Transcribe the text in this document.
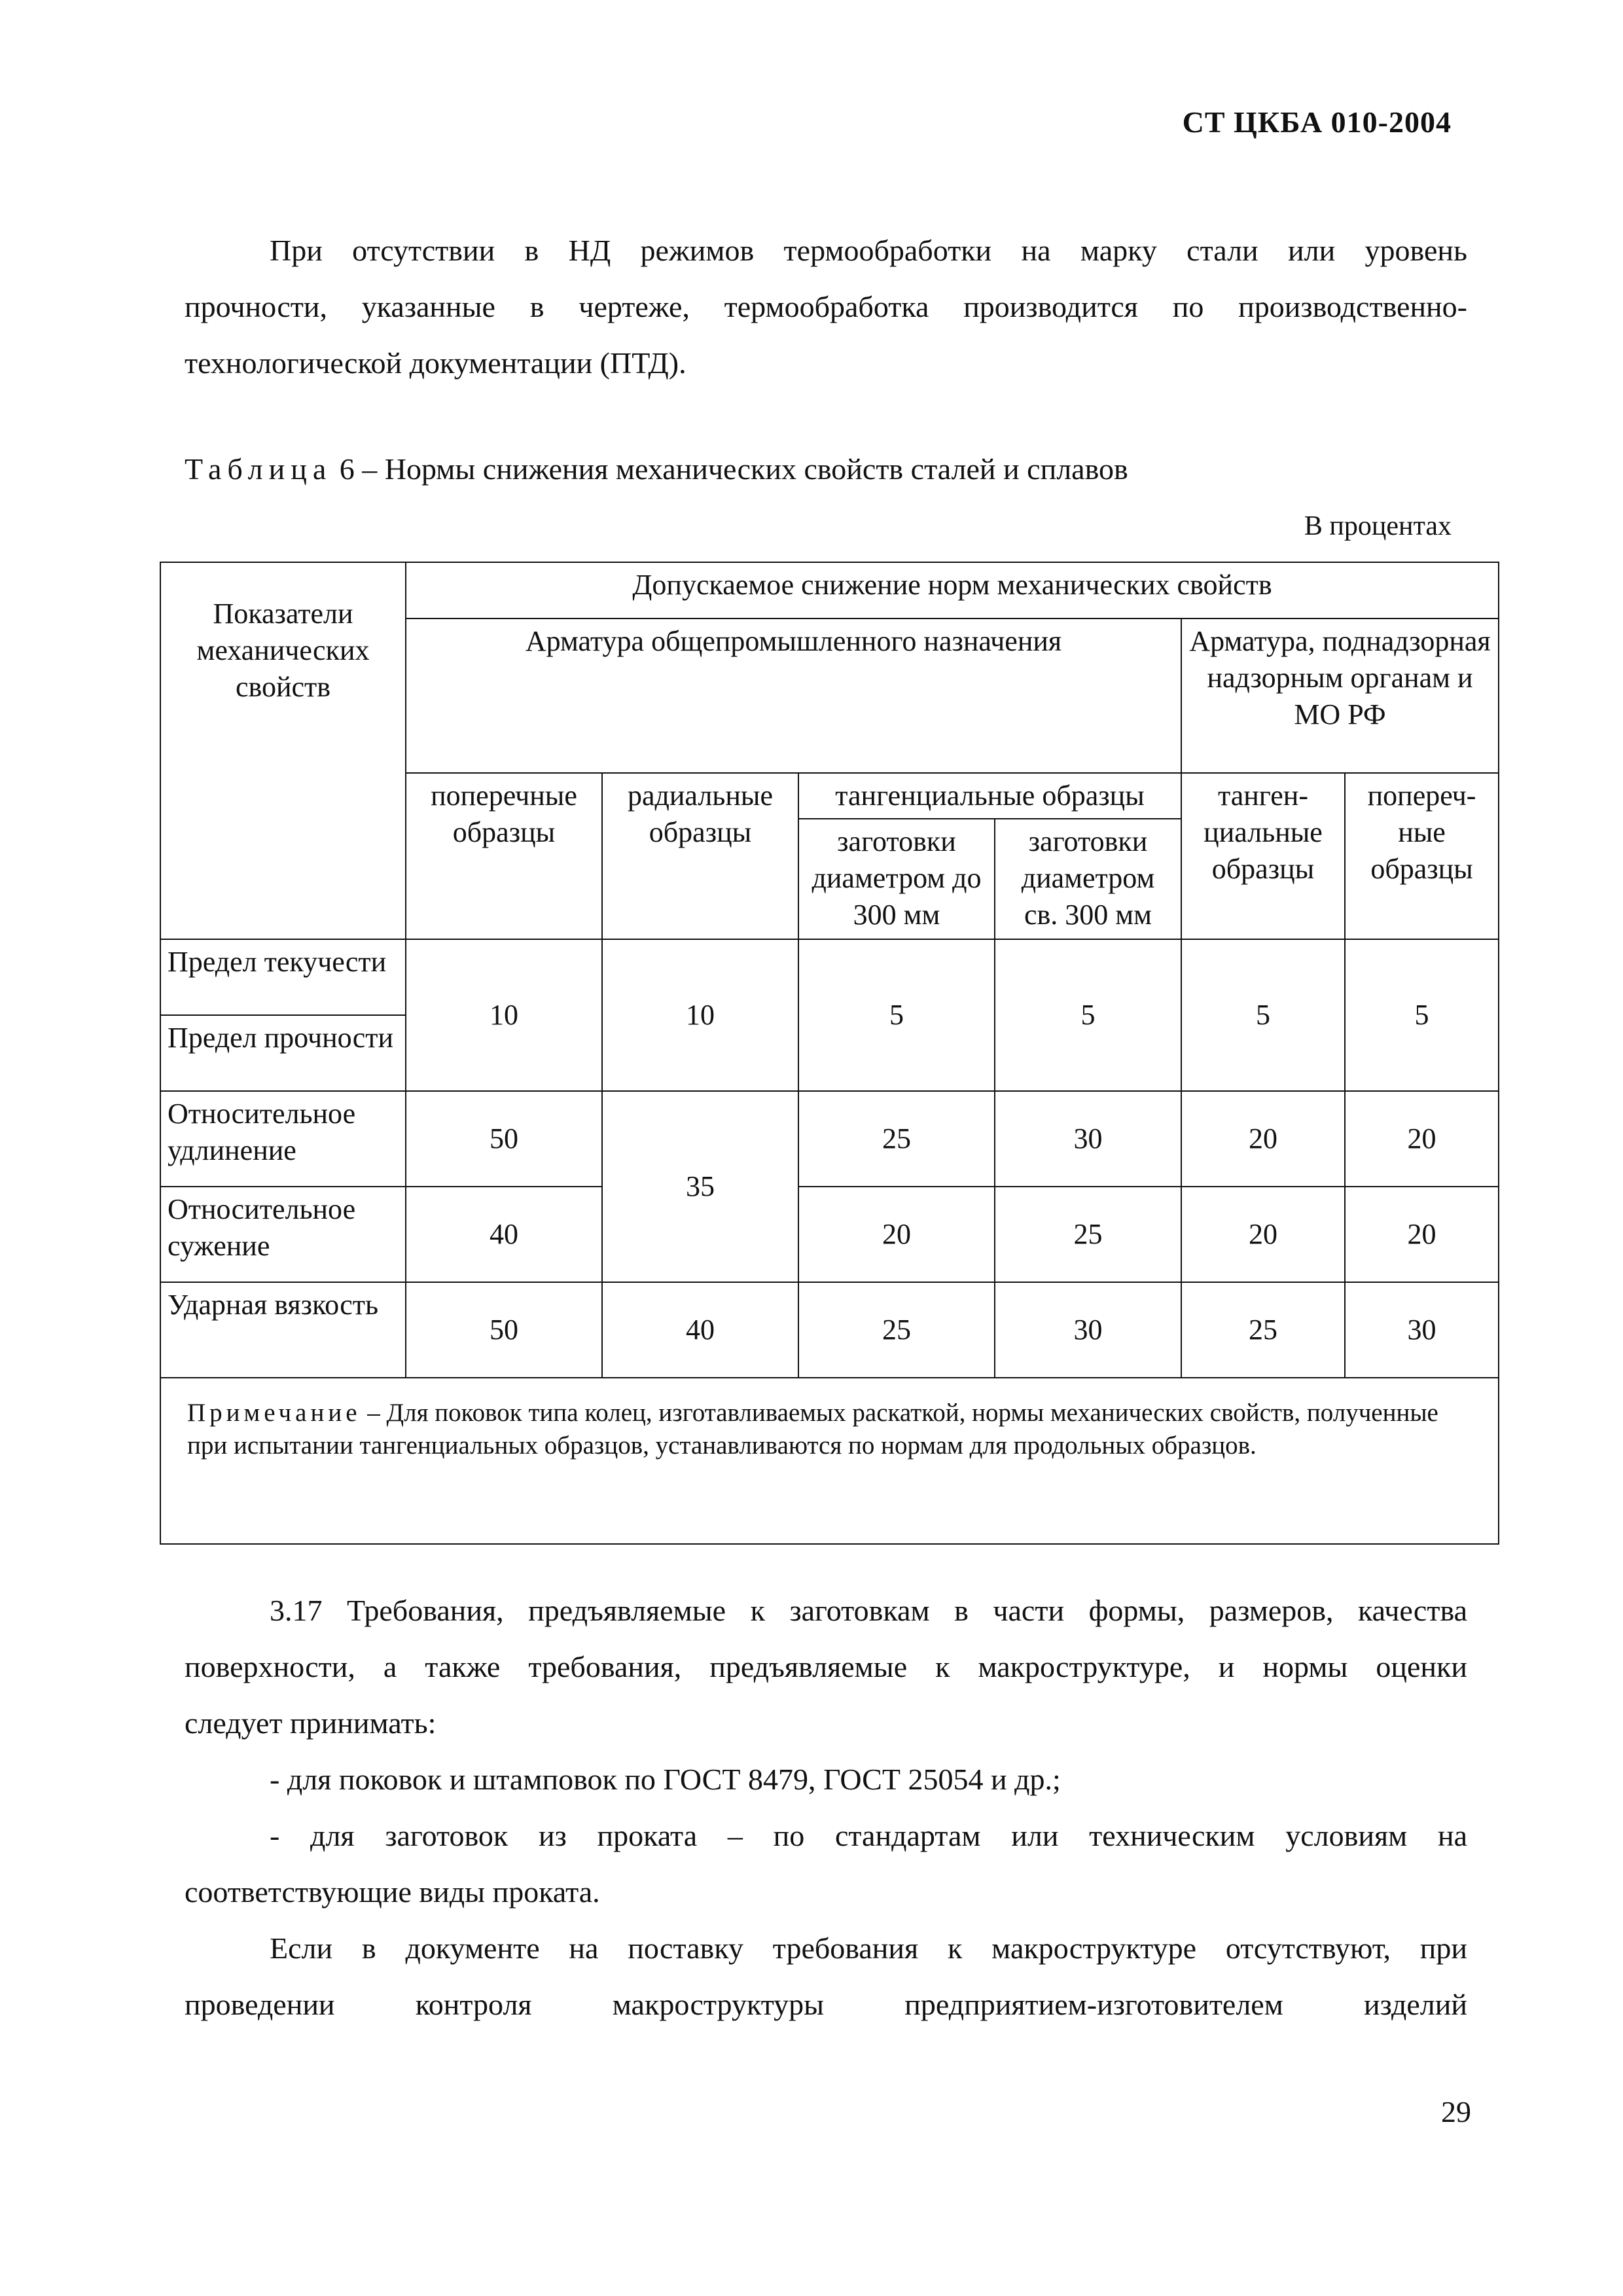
СТ ЦКБА 010-2004
При отсутствии в НД режимов термообработки на марку стали или уровень
прочности, указанные в чертеже, термообработка производится по производственно-
технологической документации (ПТД).
Таблица 6 – Нормы снижения механических свойств сталей и сплавов
В процентах
Показатели механических свойств	Допускаемое снижение норм механических свойств					
	Арматура общепромышленного назначения				Арматура, поднадзорная надзорным органам и МО РФ	
	поперечные образцы	радиальные образцы	тангенциальные образцы		танген-циальные образцы	попереч-ные образцы
			заготовки диаметром до 300 мм	заготовки диаметром св. 300 мм		
Предел текучести	10	10	5	5	5	5
Предел прочности						
Относительное удлинение	50	35	25	30	20	20
Относительное сужение	40		20	25	20	20
Ударная вязкость	50	40	25	30	25	30
Примечание – Для поковок типа колец, изготавливаемых раскаткой, нормы механических свойств, полученные при испытании тангенциальных образцов, устанавливаются по нормам для продольных образцов.						
3.17 Требования, предъявляемые к заготовкам в части формы, размеров, качества
поверхности, а также требования, предъявляемые к макроструктуре, и нормы оценки
следует принимать:
- для поковок и штамповок по ГОСТ 8479, ГОСТ 25054 и др.;
- для заготовок из проката – по стандартам или техническим условиям на
соответствующие виды проката.
Если в документе на поставку требования к макроструктуре отсутствуют, при
проведении контроля макроструктуры предприятием-изготовителем изделий
29
